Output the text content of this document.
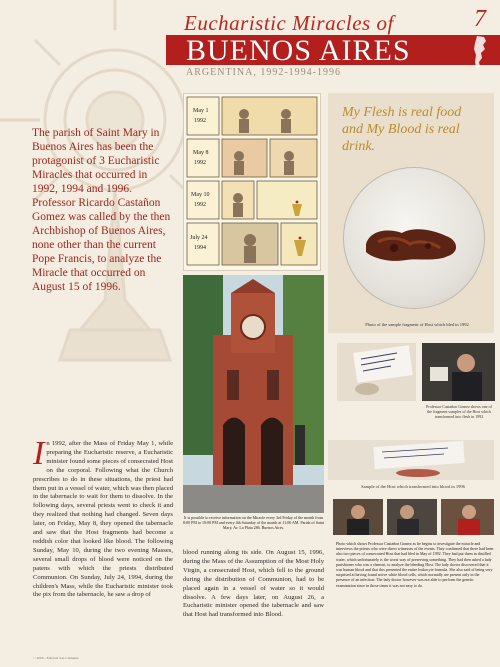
Eucharistic Miracles of	7
BUENOS AIRES
ARGENTINA, 1992-1994-1996
The parish of Saint Mary in Buenos Aires has been the protagonist of 3 Eucharistic Miracles that occurred in 1992, 1994 and 1996. Professor Ricardo Castañon Gomez was called by the then Archbishop of Buenos Aires, none other than the current Pope Francis, to analyze the Miracle that occurred on August 15 of 1996.
May 1
1992
May 8
1992
May 10
1992
July 24
1994
My Flesh is real food and My Blood is real drink.
Photo of the sample fragment of Host which bled in 1992
It is possible to receive information on the Miracle every 3rd Friday of the month from 8:00 PM to 10:00 PM and every 4th Saturday of the month at 11:00 AM. Parish of Saint Mary, Av. La Plata 286. Buenos Aires.
Professor Castañon Gomez shows one of the fragment samples of the Host which transformed into flesh in 1992
Sample of the Host which transformed into blood in 1996
Photo which shows Professor Castañon Gomez as he begins to investigate the miracle and interviews the priests who were direct witnesses of the events. They confirmed that there had been also two pieces of consecrated Host that had bled in May of 1992. They had put them in distilled water, which unfortunately is the worst way of preserving something. They had then asked a lady parishioner who was a chemist, to analyze the bleeding Host. The lady doctor discovered that it was human blood and that this presented the entire leukocyte formula. She also said of being very surprised at having found active white blood cells, which normally are present only in the presence of an infection. The lady doctor however was not able to perform the genetic examination since in those times it was not easy to do.
In 1992, after the Mass of Friday May 1, while preparing the Eucharistic reserve, a Eucharistic minister found some pieces of consecrated Host on the corporal. Following what the Church prescribes to do in these situations, the priest had them put in a vessel of water, which was then placed in the tabernacle to wait for them to dissolve. In the following days, several priests went to check it and they realized that nothing had changed. Seven days later, on Friday, May 8, they opened the tabernacle and saw that the Host fragments had become a reddish color that looked like blood. The following Sunday, May 10, during the two evening Masses, several small drops of blood were noticed on the patens with which the priests distributed Communion. On Sunday, July 24, 1994, during the children's Mass, while the Eucharistic minister took the pix from the tabernacle, he saw a drop of
blood running along its side. On August 15, 1996, during the Mass of the Assumption of the Most Holy Virgin, a consecrated Host, which fell to the ground during the distribution of Communion, had to be placed again in a vessel of water so it would dissolve. A few days later, on August 26, a Eucharistic minister opened the tabernacle and saw that Host had transformed into Blood.
© 2006 - Edizioni San Clemente
